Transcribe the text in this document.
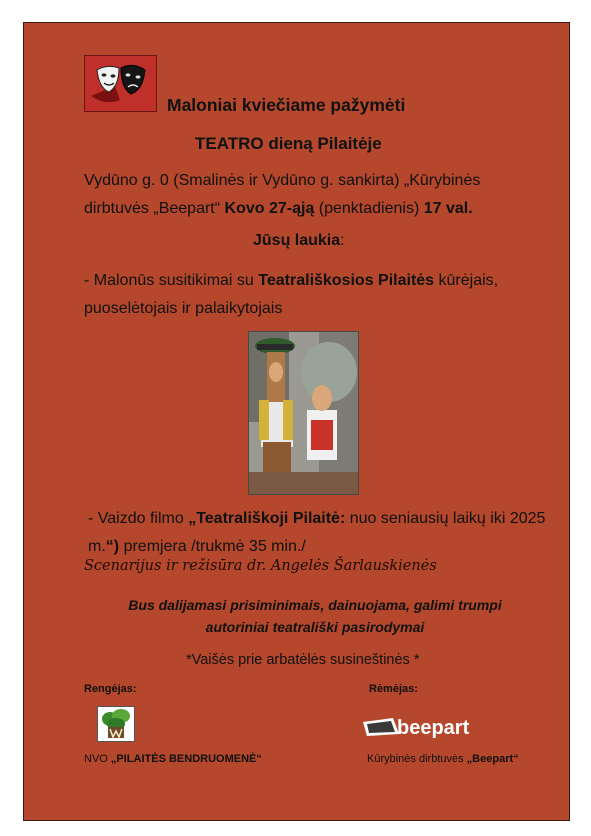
Maloniai kviečiame pažymėti
TEATRO dieną Pilaitėje
Vydūno g. 0 (Smalinės ir Vydūno g. sankirta) „Kūrybinės dirbtuvės „Beepart“ Kovo 27-ąją (penktadienis) 17 val.
Jūsų laukia:
- Malonūs susitikimai su Teatrališkosios Pilaitės kūrėjais, puoselėtojais ir palaikytojais
- Vaizdo filmo „Teatrališkoji Pilaitė: nuo seniausių laikų iki 2025 m.“) premjera /trukmė 35 min./
Scenarijus ir režisūra dr. Angelės Šarlauskienės
Bus dalijamasi prisiminimais, dainuojama, galimi trumpi autoriniai teatrališki pasirodymai
*Vaišės prie arbatėlės susineštinės *
Rengėjas:	Rėmėjas:
beepart
NVO „PILAITĖS BENDRUOMENĖ“	Kūrybinės dirbtuvės „Beepart“
